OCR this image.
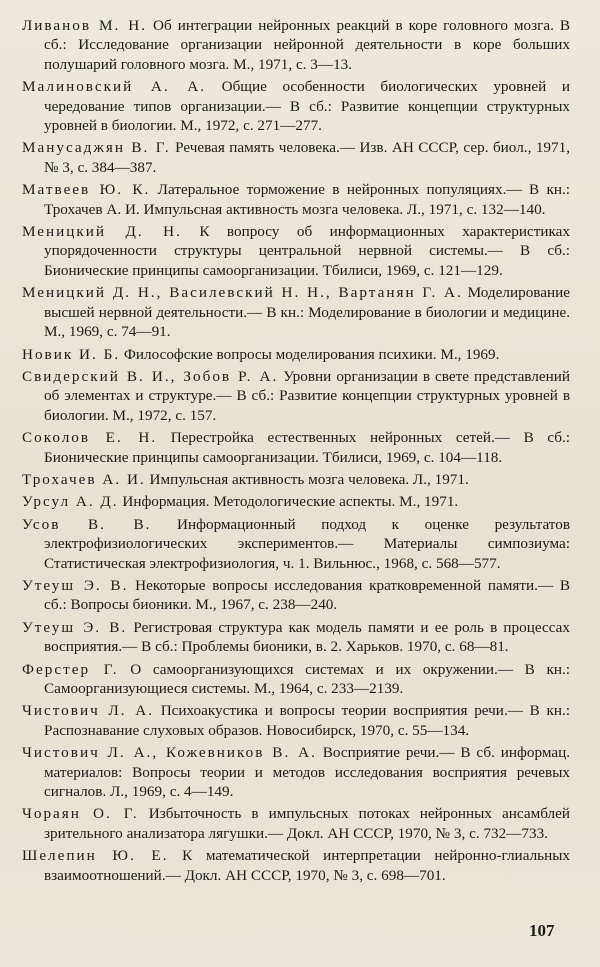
Ливанов М. Н. Об интеграции нейронных реакций в коре головного мозга. В сб.: Исследование организации нейронной деятельности в коре больших полушарий головного мозга. М., 1971, с. 3—13.
Малиновский А. А. Общие особенности биологических уровней и чередование типов организации.— В сб.: Развитие концепции структурных уровней в биологии. М., 1972, с. 271—277.
Манусаджян В. Г. Речевая память человека.— Изв. АН СССР, сер. биол., 1971, № 3, с. 384—387.
Матвеев Ю. К. Латеральное торможение в нейронных популяциях.— В кн.: Трохачев А. И. Импульсная активность мозга человека. Л., 1971, с. 132—140.
Меницкий Д. Н. К вопросу об информационных характеристиках упорядоченности структуры центральной нервной системы.— В сб.: Бионические принципы самоорганизации. Тбилиси, 1969, с. 121—129.
Меницкий Д. Н., Василевский Н. Н., Вартанян Г. А. Моделирование высшей нервной деятельности.— В кн.: Моделирование в биологии и медицине. М., 1969, с. 74—91.
Новик И. Б. Философские вопросы моделирования психики. М., 1969.
Свидерский В. И., Зобов Р. А. Уровни организации в свете представлений об элементах и структуре.— В сб.: Развитие концепции структурных уровней в биологии. М., 1972, с. 157.
Соколов Е. Н. Перестройка естественных нейронных сетей.— В сб.: Бионические принципы самоорганизации. Тбилиси, 1969, с. 104—118.
Трохачев А. И. Импульсная активность мозга человека. Л., 1971.
Урсул А. Д. Информация. Методологические аспекты. М., 1971.
Усов В. В. Информационный подход к оценке результатов электрофизиологических экспериментов.— Материалы симпозиума: Статистическая электрофизиология, ч. 1. Вильнюс., 1968, с. 568—577.
Утеуш Э. В. Некоторые вопросы исследования кратковременной памяти.— В сб.: Вопросы бионики. М., 1967, с. 238—240.
Утеуш Э. В. Регистровая структура как модель памяти и ее роль в процессах восприятия.— В сб.: Проблемы бионики, в. 2. Харьков. 1970, с. 68—81.
Ферстер Г. О самоорганизующихся системах и их окружении.— В кн.: Самоорганизующиеся системы. М., 1964, с. 233—2139.
Чистович Л. А. Психоакустика и вопросы теории восприятия речи.— В кн.: Распознавание слуховых образов. Новосибирск, 1970, с. 55—134.
Чистович Л. А., Кожевников В. А. Восприятие речи.— В сб. информац. материалов: Вопросы теории и методов исследования восприятия речевых сигналов. Л., 1969, с. 4—149.
Чораян О. Г. Избыточность в импульсных потоках нейронных ансамблей зрительного анализатора лягушки.— Докл. АН СССР, 1970, № 3, с. 732—733.
Шелепин Ю. Е. К математической интерпретации нейронно-глиальных взаимоотношений.— Докл. АН СССР, 1970, № 3, с. 698—701.
107
